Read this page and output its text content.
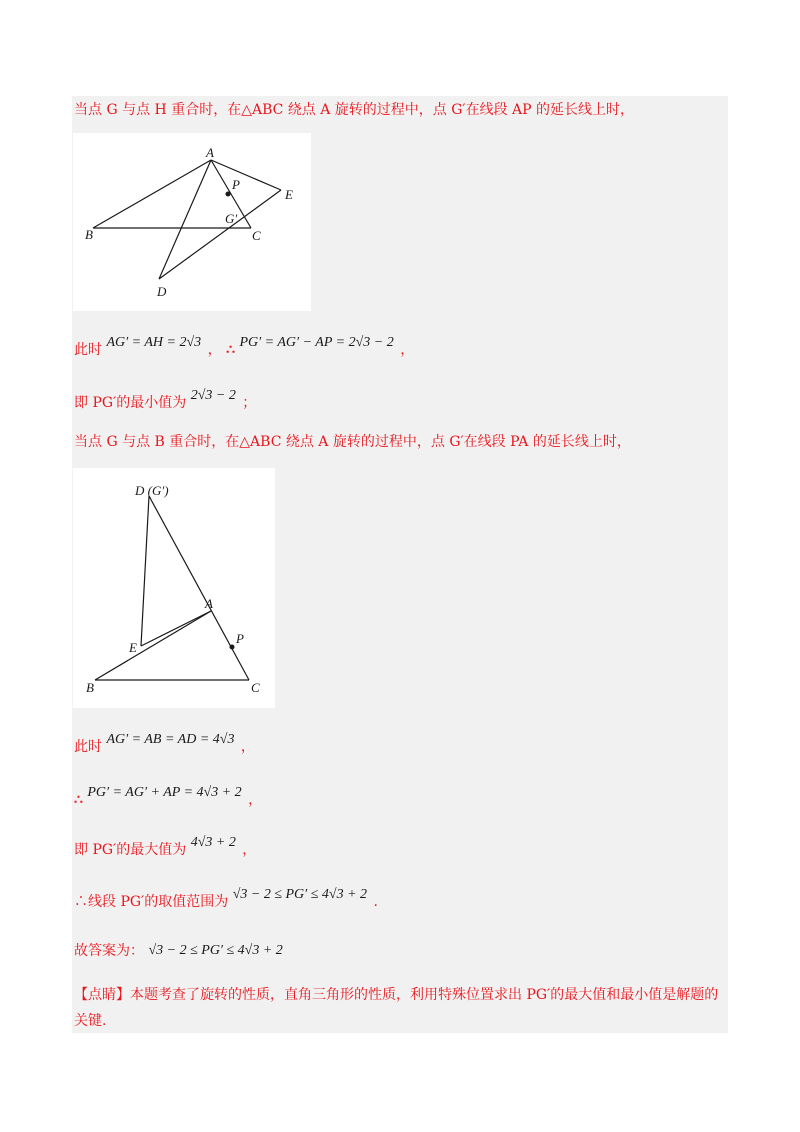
当点 G 与点 H 重合时，在△ABC 绕点 A 旋转的过程中，点 G′在线段 AP 的延长线上时，
A
B	C
D
E
P
G′
此时 AG′ = AH = 2√3 ， ∴ PG′ = AG′ − AP = 2√3 − 2 ，
即 PG′的最小值为 2√3 − 2 ；
当点 G 与点 B 重合时，在△ABC 绕点 A 旋转的过程中，点 G′在线段 PA 的延长线上时，
A
B	C
D (G′)
E
P
此时 AG′ = AB = AD = 4√3 ，
∴ PG′ = AG′ + AP = 4√3 + 2 ，
即 PG′的最大值为 4√3 + 2 ，
∴线段 PG′的取值范围为 √3 − 2 ≤ PG′ ≤ 4√3 + 2 .
故答案为： √3 − 2 ≤ PG′ ≤ 4√3 + 2
【点睛】本题考查了旋转的性质，直角三角形的性质，利用特殊位置求出 PG′的最大值和最小值是解题的
关键.
